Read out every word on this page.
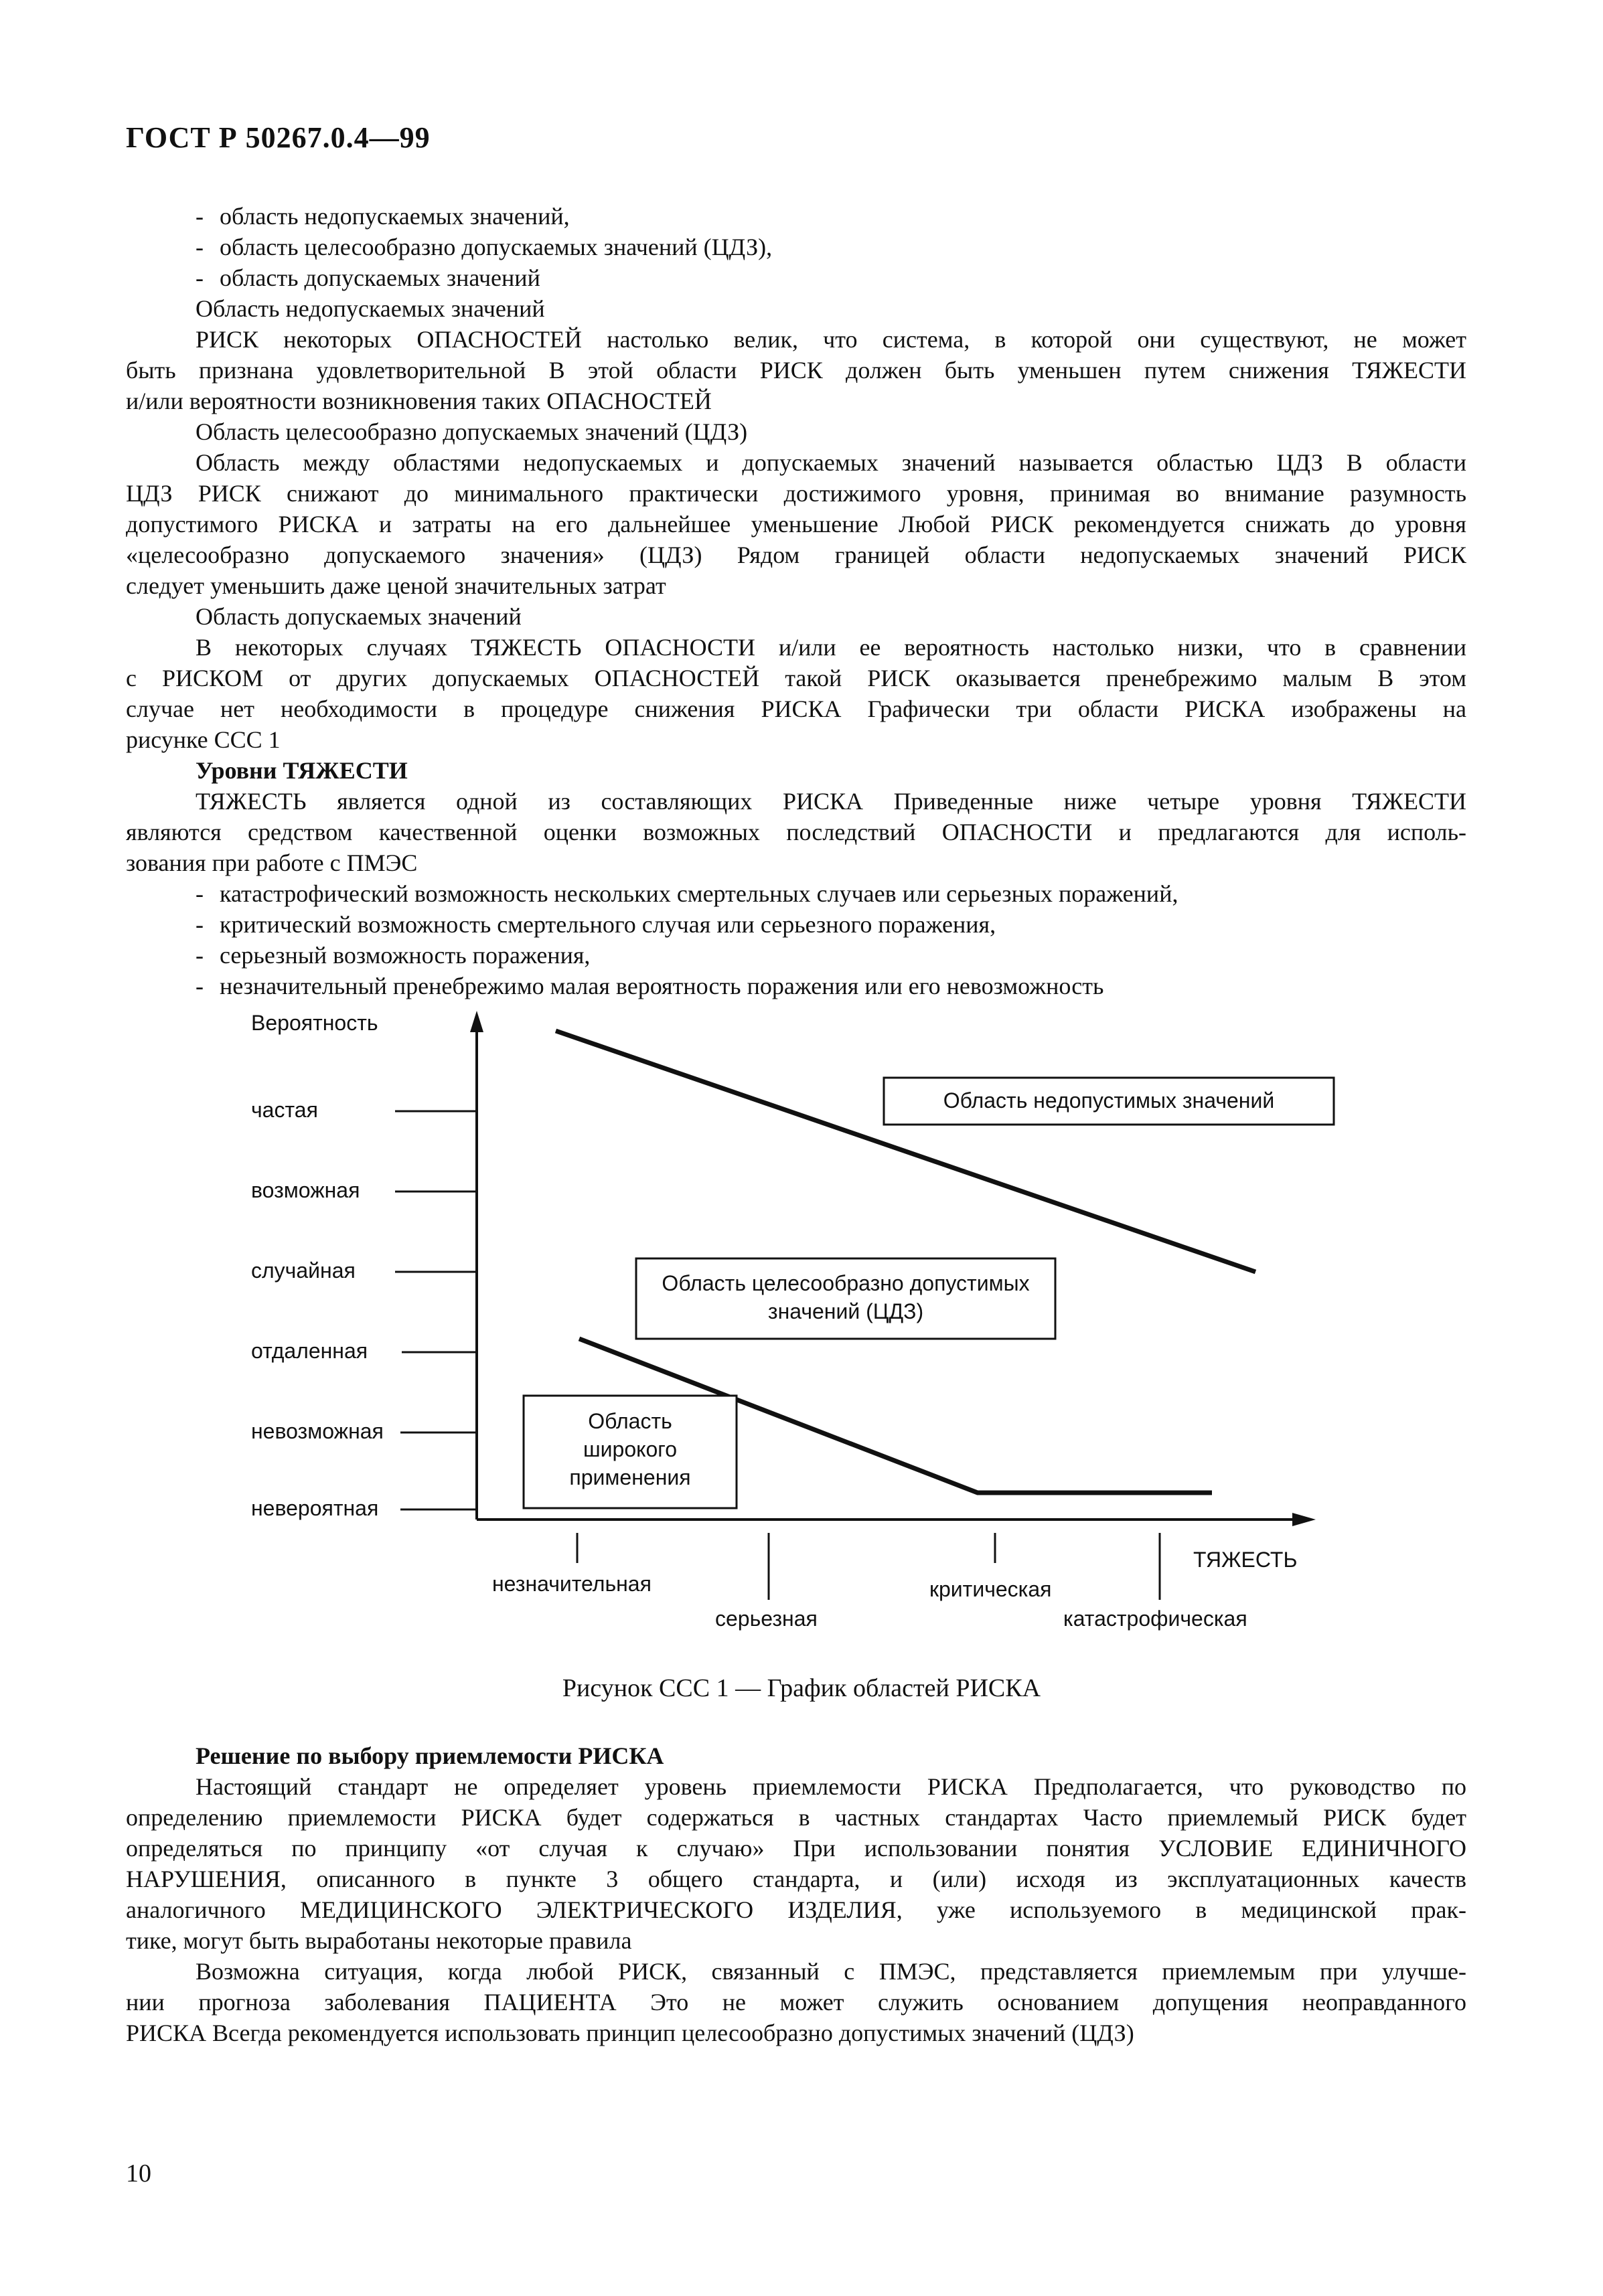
ГОСТ Р 50267.0.4—99
- область недопускаемых значений,
- область целесообразно допускаемых значений (ЦДЗ),
- область допускаемых значений
Область недопускаемых значений
РИСК некоторых ОПАСНОСТЕЙ настолько велик, что система, в которой они существуют, не может
быть признана удовлетворительной В этой области РИСК должен быть уменьшен путем снижения ТЯЖЕСТИ
и/или вероятности возникновения таких ОПАСНОСТЕЙ
Область целесообразно допускаемых значений (ЦДЗ)
Область между областями недопускаемых и допускаемых значений называется областью ЦДЗ В области
ЦДЗ РИСК снижают до минимального практически достижимого уровня, принимая во внимание разумность
допустимого РИСКА и затраты на его дальнейшее уменьшение Любой РИСК рекомендуется снижать до уровня
«целесообразно допускаемого значения» (ЦДЗ) Рядом границей области недопускаемых значений РИСК
следует уменьшить даже ценой значительных затрат
Область допускаемых значений
В некоторых случаях ТЯЖЕСТЬ ОПАСНОСТИ и/или ее вероятность настолько низки, что в сравнении
с РИСКОМ от других допускаемых ОПАСНОСТЕЙ такой РИСК оказывается пренебрежимо малым В этом
случае нет необходимости в процедуре снижения РИСКА Графически три области РИСКА изображены на
рисунке ССС 1
Уровни ТЯЖЕСТИ
ТЯЖЕСТЬ является одной из составляющих РИСКА Приведенные ниже четыре уровня ТЯЖЕСТИ
являются средством качественной оценки возможных последствий ОПАСНОСТИ и предлагаются для исполь-
зования при работе с ПМЭС
- катастрофический возможность нескольких смертельных случаев или серьезных поражений,
- критический возможность смертельного случая или серьезного поражения,
- серьезный возможность поражения,
- незначительный пренебрежимо малая вероятность поражения или его невозможность
Вероятность
частая
возможная
случайная
отдаленная
невозможная
невероятная
ТЯЖЕСТЬ
незначительная
серьезная
критическая
катастрофическая
Область недопустимых значений
Область целесообразно допустимых
значений (ЦДЗ)
Область
широкого
применения
Рисунок ССС 1 — График областей РИСКА
Решение по выбору приемлемости РИСКА
Настоящий стандарт не определяет уровень приемлемости РИСКА Предполагается, что руководство по
определению приемлемости РИСКА будет содержаться в частных стандартах Часто приемлемый РИСК будет
определяться по принципу «от случая к случаю» При использовании понятия УСЛОВИЕ ЕДИНИЧНОГО
НАРУШЕНИЯ, описанного в пункте 3 общего стандарта, и (или) исходя из эксплуатационных качеств
аналогичного МЕДИЦИНСКОГО ЭЛЕКТРИЧЕСКОГО ИЗДЕЛИЯ, уже используемого в медицинской прак-
тике, могут быть выработаны некоторые правила
Возможна ситуация, когда любой РИСК, связанный с ПМЭС, представляется приемлемым при улучше-
нии прогноза заболевания ПАЦИЕНТА Это не может служить основанием допущения неоправданного
РИСКА Всегда рекомендуется использовать принцип целесообразно допустимых значений (ЦДЗ)
10
